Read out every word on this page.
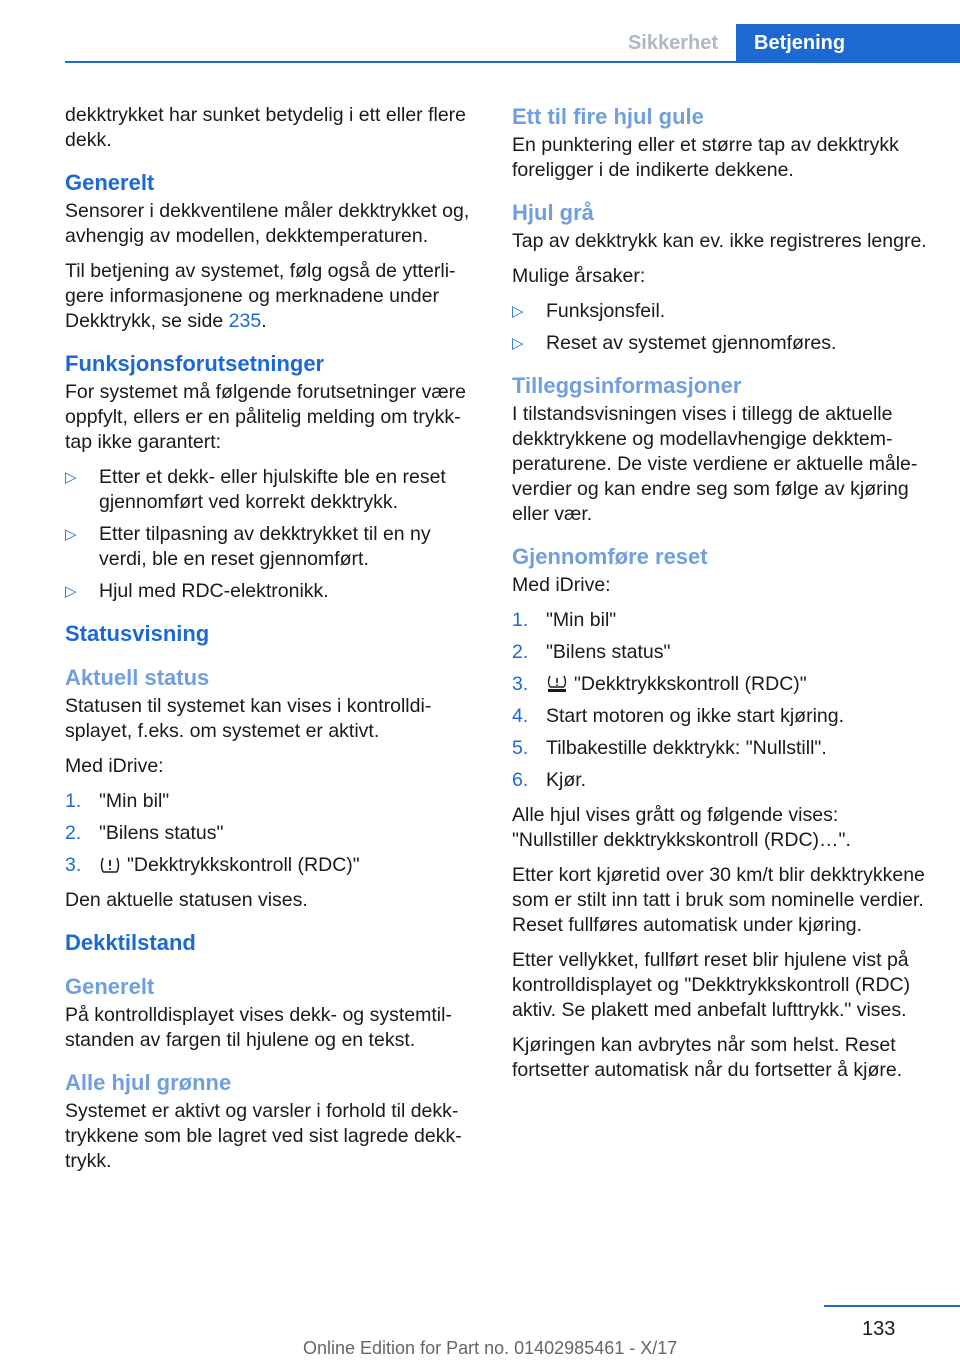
Sikkerhet	Betjening

dekktrykket har sunket betydelig i ett eller flere dekk.

Generelt

Sensorer i dekkventilene måler dekktrykket og, avhengig av modellen, dekktemperaturen.

Til betjening av systemet, følg også de ytterligere informasjonene og merknadene under Dekktrykk, se side 235.

Funksjonsforutsetninger

For systemet må følgende forutsetninger være oppfylt, ellers er en pålitelig melding om trykktap ikke garantert:

▷ Etter et dekk- eller hjulskifte ble en reset gjennomført ved korrekt dekktrykk.
▷ Etter tilpasning av dekktrykket til en ny verdi, ble en reset gjennomført.
▷ Hjul med RDC-elektronikk.
Statusvisning
Aktuell status

Statusen til systemet kan vises i kontrolldisplayet, f.eks. om systemet er aktivt.

Med iDrive:

1. "Min bil"
2. "Bilens status"
3. "Dekktrykkskontroll (RDC)"

Den aktuelle statusen vises.

Dekktilstand
Generelt

På kontrolldisplayet vises dekk- og systemtilstanden av fargen til hjulene og en tekst.

Alle hjul grønne

Systemet er aktivt og varsler i forhold til dekktrykkene som ble lagret ved sist lagrede dekktrykk.

Ett til fire hjul gule

En punktering eller et større tap av dekktrykk foreligger i de indikerte dekkene.

Hjul grå

Tap av dekktrykk kan ev. ikke registreres lengre.

Mulige årsaker:

▷ Funksjonsfeil.
▷ Reset av systemet gjennomføres.
Tilleggsinformasjoner

I tilstandsvisningen vises i tillegg de aktuelle dekktrykkene og modellavhengige dekktemperaturene. De viste verdiene er aktuelle måleverdier og kan endre seg som følge av kjøring eller vær.

Gjennomføre reset

Med iDrive:

1. "Min bil"
2. "Bilens status"
3. "Dekktrykkskontroll (RDC)"
4. Start motoren og ikke start kjøring.
5. Tilbakestille dekktrykk: "Nullstill".
6. Kjør.

Alle hjul vises grått og følgende vises: "Nullstiller dekktrykkskontroll (RDC)…".

Etter kort kjøretid over 30 km/t blir dekktrykkene som er stilt inn tatt i bruk som nominelle verdier. Reset fullføres automatisk under kjøring.

Etter vellykket, fullført reset blir hjulene vist på kontrolldisplayet og "Dekktrykkskontroll (RDC) aktiv. Se plakett med anbefalt lufttrykk." vises.

Kjøringen kan avbrytes når som helst. Reset fortsetter automatisk når du fortsetter å kjøre.

133
Online Edition for Part no. 01402985461 - X/17
